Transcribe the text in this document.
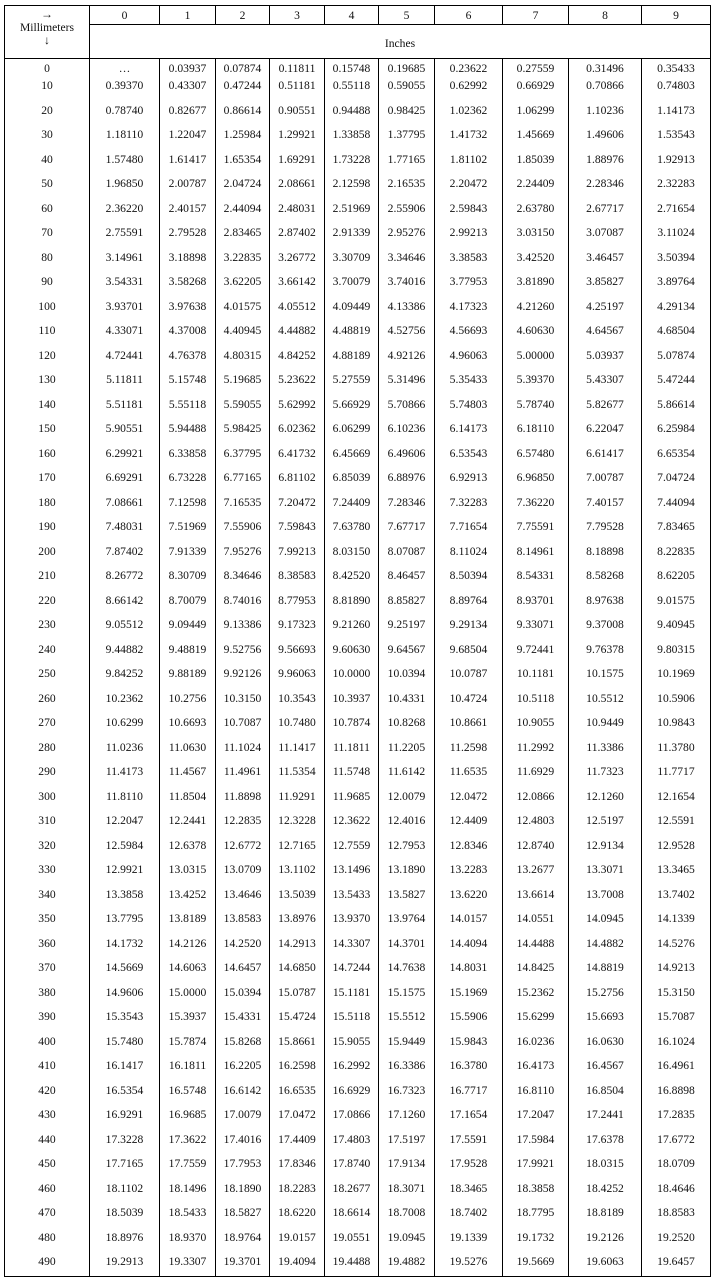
→
Millimeters
↓	0	1	2	3	4	5	6	7	8	9
	Inches									
0	…	0.03937	0.07874	0.11811	0.15748	0.19685	0.23622	0.27559	0.31496	0.35433
10	0.39370	0.43307	0.47244	0.51181	0.55118	0.59055	0.62992	0.66929	0.70866	0.74803
20	0.78740	0.82677	0.86614	0.90551	0.94488	0.98425	1.02362	1.06299	1.10236	1.14173
30	1.18110	1.22047	1.25984	1.29921	1.33858	1.37795	1.41732	1.45669	1.49606	1.53543
40	1.57480	1.61417	1.65354	1.69291	1.73228	1.77165	1.81102	1.85039	1.88976	1.92913
50	1.96850	2.00787	2.04724	2.08661	2.12598	2.16535	2.20472	2.24409	2.28346	2.32283
60	2.36220	2.40157	2.44094	2.48031	2.51969	2.55906	2.59843	2.63780	2.67717	2.71654
70	2.75591	2.79528	2.83465	2.87402	2.91339	2.95276	2.99213	3.03150	3.07087	3.11024
80	3.14961	3.18898	3.22835	3.26772	3.30709	3.34646	3.38583	3.42520	3.46457	3.50394
90	3.54331	3.58268	3.62205	3.66142	3.70079	3.74016	3.77953	3.81890	3.85827	3.89764
100	3.93701	3.97638	4.01575	4.05512	4.09449	4.13386	4.17323	4.21260	4.25197	4.29134
110	4.33071	4.37008	4.40945	4.44882	4.48819	4.52756	4.56693	4.60630	4.64567	4.68504
120	4.72441	4.76378	4.80315	4.84252	4.88189	4.92126	4.96063	5.00000	5.03937	5.07874
130	5.11811	5.15748	5.19685	5.23622	5.27559	5.31496	5.35433	5.39370	5.43307	5.47244
140	5.51181	5.55118	5.59055	5.62992	5.66929	5.70866	5.74803	5.78740	5.82677	5.86614
150	5.90551	5.94488	5.98425	6.02362	6.06299	6.10236	6.14173	6.18110	6.22047	6.25984
160	6.29921	6.33858	6.37795	6.41732	6.45669	6.49606	6.53543	6.57480	6.61417	6.65354
170	6.69291	6.73228	6.77165	6.81102	6.85039	6.88976	6.92913	6.96850	7.00787	7.04724
180	7.08661	7.12598	7.16535	7.20472	7.24409	7.28346	7.32283	7.36220	7.40157	7.44094
190	7.48031	7.51969	7.55906	7.59843	7.63780	7.67717	7.71654	7.75591	7.79528	7.83465
200	7.87402	7.91339	7.95276	7.99213	8.03150	8.07087	8.11024	8.14961	8.18898	8.22835
210	8.26772	8.30709	8.34646	8.38583	8.42520	8.46457	8.50394	8.54331	8.58268	8.62205
220	8.66142	8.70079	8.74016	8.77953	8.81890	8.85827	8.89764	8.93701	8.97638	9.01575
230	9.05512	9.09449	9.13386	9.17323	9.21260	9.25197	9.29134	9.33071	9.37008	9.40945
240	9.44882	9.48819	9.52756	9.56693	9.60630	9.64567	9.68504	9.72441	9.76378	9.80315
250	9.84252	9.88189	9.92126	9.96063	10.0000	10.0394	10.0787	10.1181	10.1575	10.1969
260	10.2362	10.2756	10.3150	10.3543	10.3937	10.4331	10.4724	10.5118	10.5512	10.5906
270	10.6299	10.6693	10.7087	10.7480	10.7874	10.8268	10.8661	10.9055	10.9449	10.9843
280	11.0236	11.0630	11.1024	11.1417	11.1811	11.2205	11.2598	11.2992	11.3386	11.3780
290	11.4173	11.4567	11.4961	11.5354	11.5748	11.6142	11.6535	11.6929	11.7323	11.7717
300	11.8110	11.8504	11.8898	11.9291	11.9685	12.0079	12.0472	12.0866	12.1260	12.1654
310	12.2047	12.2441	12.2835	12.3228	12.3622	12.4016	12.4409	12.4803	12.5197	12.5591
320	12.5984	12.6378	12.6772	12.7165	12.7559	12.7953	12.8346	12.8740	12.9134	12.9528
330	12.9921	13.0315	13.0709	13.1102	13.1496	13.1890	13.2283	13.2677	13.3071	13.3465
340	13.3858	13.4252	13.4646	13.5039	13.5433	13.5827	13.6220	13.6614	13.7008	13.7402
350	13.7795	13.8189	13.8583	13.8976	13.9370	13.9764	14.0157	14.0551	14.0945	14.1339
360	14.1732	14.2126	14.2520	14.2913	14.3307	14.3701	14.4094	14.4488	14.4882	14.5276
370	14.5669	14.6063	14.6457	14.6850	14.7244	14.7638	14.8031	14.8425	14.8819	14.9213
380	14.9606	15.0000	15.0394	15.0787	15.1181	15.1575	15.1969	15.2362	15.2756	15.3150
390	15.3543	15.3937	15.4331	15.4724	15.5118	15.5512	15.5906	15.6299	15.6693	15.7087
400	15.7480	15.7874	15.8268	15.8661	15.9055	15.9449	15.9843	16.0236	16.0630	16.1024
410	16.1417	16.1811	16.2205	16.2598	16.2992	16.3386	16.3780	16.4173	16.4567	16.4961
420	16.5354	16.5748	16.6142	16.6535	16.6929	16.7323	16.7717	16.8110	16.8504	16.8898
430	16.9291	16.9685	17.0079	17.0472	17.0866	17.1260	17.1654	17.2047	17.2441	17.2835
440	17.3228	17.3622	17.4016	17.4409	17.4803	17.5197	17.5591	17.5984	17.6378	17.6772
450	17.7165	17.7559	17.7953	17.8346	17.8740	17.9134	17.9528	17.9921	18.0315	18.0709
460	18.1102	18.1496	18.1890	18.2283	18.2677	18.3071	18.3465	18.3858	18.4252	18.4646
470	18.5039	18.5433	18.5827	18.6220	18.6614	18.7008	18.7402	18.7795	18.8189	18.8583
480	18.8976	18.9370	18.9764	19.0157	19.0551	19.0945	19.1339	19.1732	19.2126	19.2520
490	19.2913	19.3307	19.3701	19.4094	19.4488	19.4882	19.5276	19.5669	19.6063	19.6457
